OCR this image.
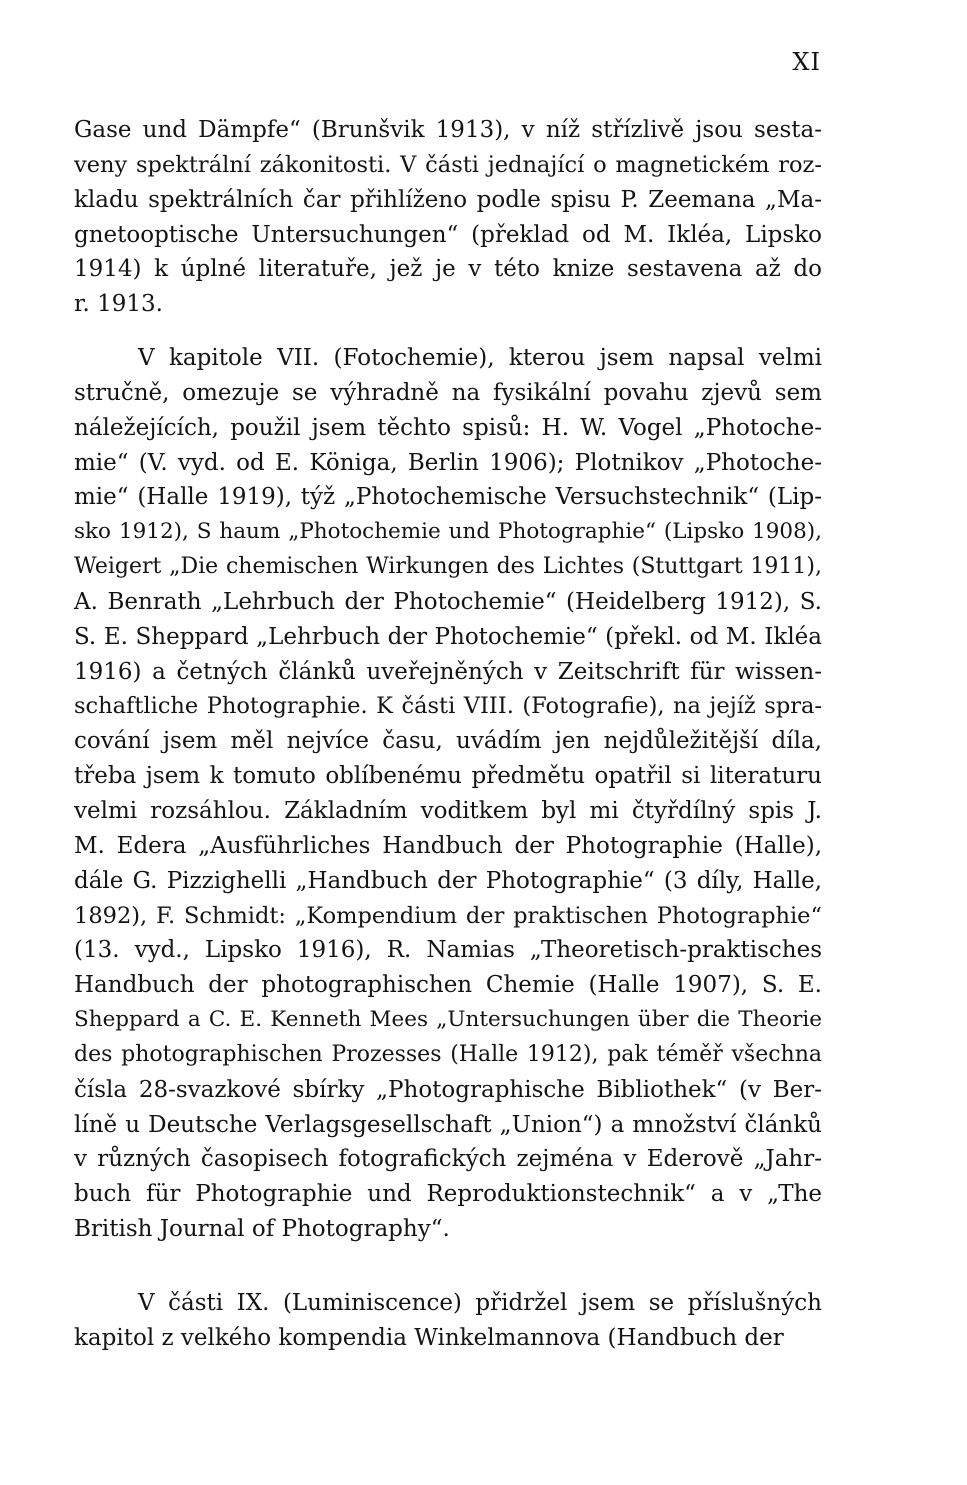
XI
Gase und Dämpfe“ (Brunšvik 1913), v níž střízlivě jsou sesta-
veny spektrální zákonitosti. V části jednající o magnetickém roz-
kladu spektrálních čar přihlíženo podle spisu P. Zeemana „Ma-
gnetooptische Untersuchungen“ (překlad od M. Ikléa, Lipsko
1914) k úplné literatuře, jež je v této knize sestavena až do
r. 1913.
V kapitole VII. (Fotochemie), kterou jsem napsal velmi
stručně, omezuje se výhradně na fysikální povahu zjevů sem
náležejících, použil jsem těchto spisů: H. W. Vogel „Photoche-
mie“ (V. vyd. od E. Königa, Berlin 1906); Plotnikov „Photoche-
mie“ (Halle 1919), týž „Photochemische Versuchstechnik“ (Lip-
sko 1912), S haum „Photochemie und Photographie“ (Lipsko 1908),
Weigert „Die chemischen Wirkungen des Lichtes (Stuttgart 1911),
A. Benrath „Lehrbuch der Photochemie“ (Heidelberg 1912), S.
S. E. Sheppard „Lehrbuch der Photochemie“ (překl. od M. Ikléa
1916) a četných článků uveřejněných v Zeitschrift für wissen-
schaftliche Photographie. K části VIII. (Fotografie), na jejíž spra-
cování jsem měl nejvíce času, uvádím jen nejdůležitější díla,
třeba jsem k tomuto oblíbenému předmětu opatřil si literaturu
velmi rozsáhlou. Základním voditkem byl mi čtyřdílný spis J.
M. Edera „Ausführliches Handbuch der Photographie (Halle),
dále G. Pizzighelli „Handbuch der Photographie“ (3 díly, Halle,
1892), F. Schmidt: „Kompendium der praktischen Photographie“
(13. vyd., Lipsko 1916), R. Namias „Theoretisch-praktisches
Handbuch der photographischen Chemie (Halle 1907), S. E.
Sheppard a C. E. Kenneth Mees „Untersuchungen über die Theorie
des photographischen Prozesses (Halle 1912), pak téměř všechna
čísla 28-svazkové sbírky „Photographische Bibliothek“ (v Ber-
líně u Deutsche Verlagsgesellschaft „Union“) a množství článků
v různých časopisech fotografických zejména v Ederově „Jahr-
buch für Photographie und Reproduktionstechnik“ a v „The
British Journal of Photography“.
V části IX. (Luminiscence) přidržel jsem se příslušných
kapitol z velkého kompendia Winkelmannova (Handbuch der
